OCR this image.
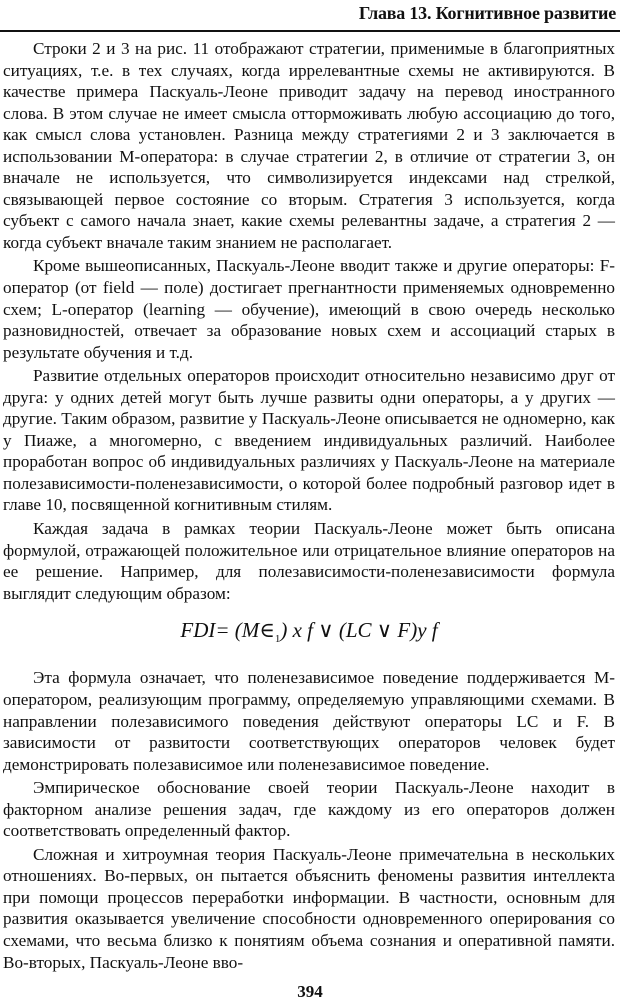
Глава 13. Когнитивное развитие

Строки 2 и 3 на рис. 11 отображают стратегии, применимые в благоприятных ситуациях, т.е. в тех случаях, когда иррелевантные схемы не активируются. В качестве примера Паскуаль-Леоне приводит задачу на перевод иностранного слова. В этом случае не имеет смысла отторможивать любую ассоциацию до того, как смысл слова установлен. Разница между стратегиями 2 и 3 заключается в использовании M-оператора: в случае стратегии 2, в отличие от стратегии 3, он вначале не используется, что символизируется индексами над стрелкой, связывающей первое состояние со вторым. Стратегия 3 используется, когда субъект с самого начала знает, какие схемы релевантны задаче, а стратегия 2 — когда субъект вначале таким знанием не располагает.

Кроме вышеописанных, Паскуаль-Леоне вводит также и другие операторы: F-оператор (от field — поле) достигает прегнантности применяемых одновременно схем; L-оператор (learning — обучение), имеющий в свою очередь несколько разновидностей, отвечает за образование новых схем и ассоциаций старых в результате обучения и т.д.

Развитие отдельных операторов происходит относительно независимо друг от друга: у одних детей могут быть лучше развиты одни операторы, а у других — другие. Таким образом, развитие у Паскуаль-Леоне описывается не одномерно, как у Пиаже, а многомерно, с введением индивидуальных различий. Наиболее проработан вопрос об индивидуальных различиях у Паскуаль-Леоне на материале полезависимости-поленезависимости, о которой более подробный разговор идет в главе 10, посвященной когнитивным стилям.

Каждая задача в рамках теории Паскуаль-Леоне может быть описана формулой, отражающей положительное или отрицательное влияние операторов на ее решение. Например, для полезависимости-поленезависимости формула выглядит следующим образом:

$FDI= (M\in_1)$ x f ∨ (LC ∨ F)y f

Эта формула означает, что поленезависимое поведение поддерживается M-оператором, реализующим программу, определяемую управляющими схемами. В направлении полезависимого поведения действуют операторы LC и F. В зависимости от развитости соответствующих операторов человек будет демонстрировать полезависимое или поленезависимое поведение.

Эмпирическое обоснование своей теории Паскуаль-Леоне находит в факторном анализе решения задач, где каждому из его операторов должен соответствовать определенный фактор.

Сложная и хитроумная теория Паскуаль-Леоне примечательна в нескольких отношениях. Во-первых, он пытается объяснить феномены развития интеллекта при помощи процессов переработки информации. В частности, основным для развития оказывается увеличение способности одновременного оперирования со схемами, что весьма близко к понятиям объема сознания и оперативной памяти. Во-вторых, Паскуаль-Леоне вво-

394
